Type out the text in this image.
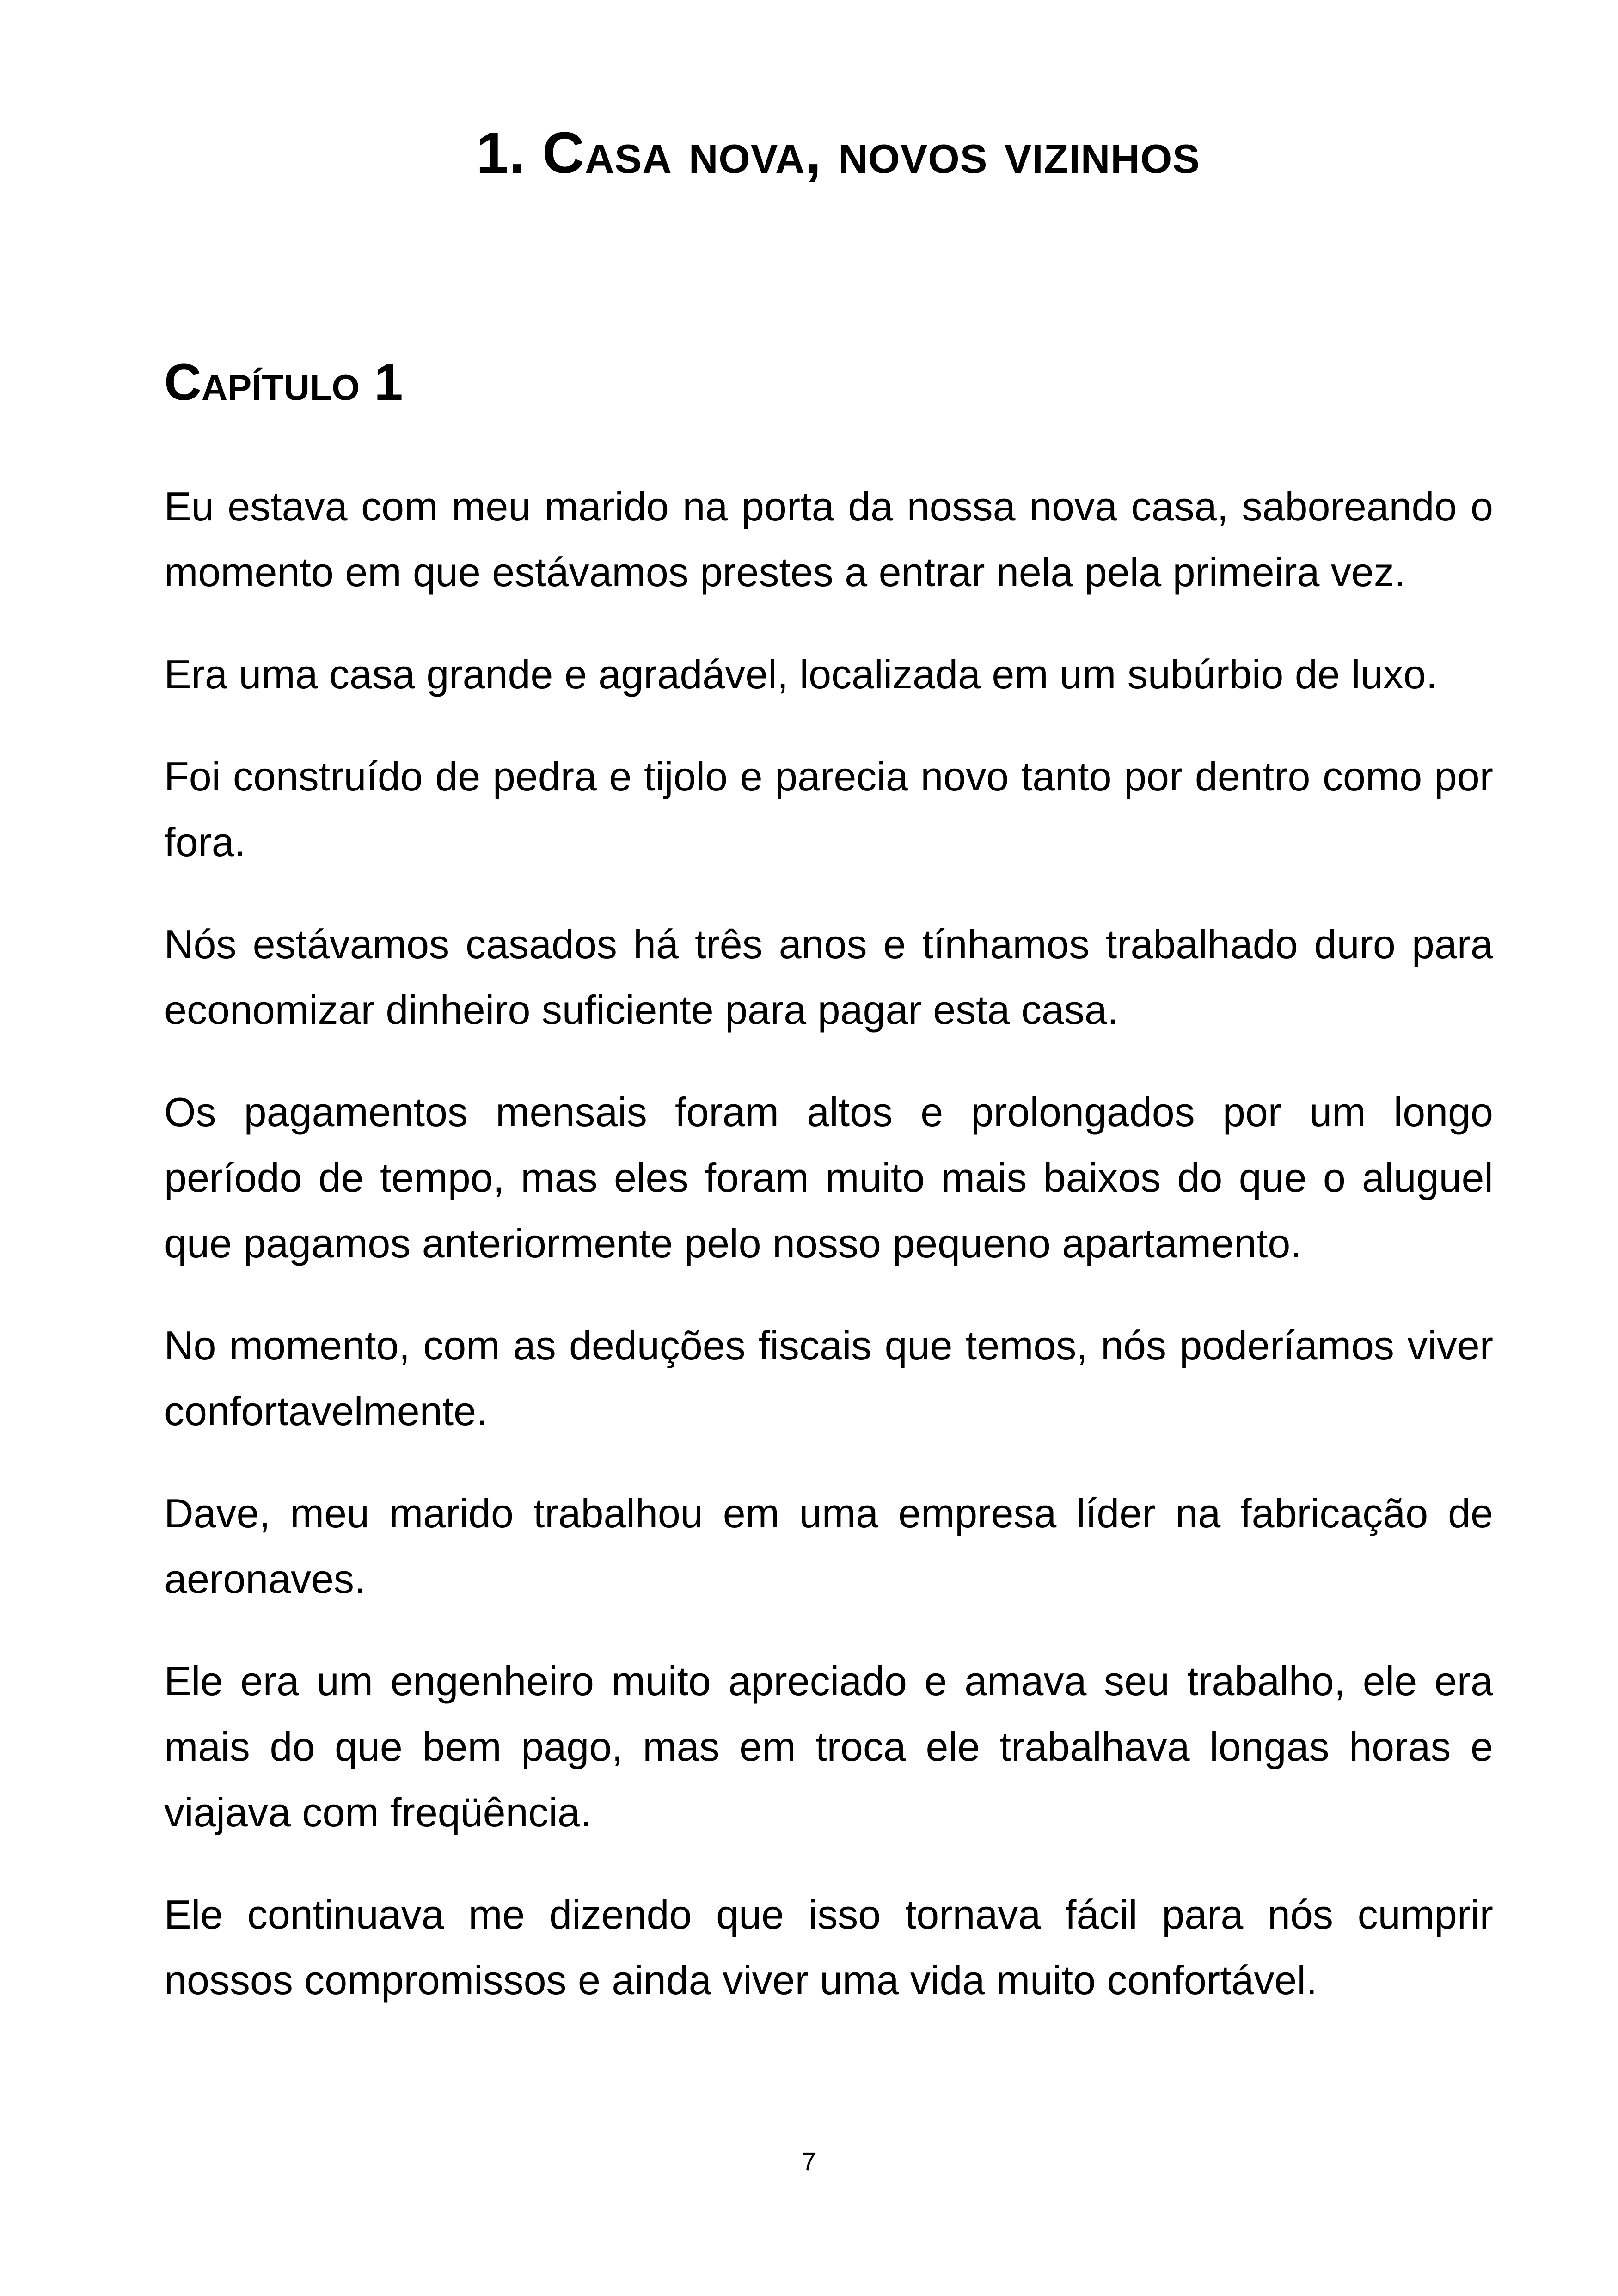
1. Casa nova, novos vizinhos
Capítulo 1

Eu estava com meu marido na porta da nossa nova casa, saboreando o momento em que estávamos prestes a entrar nela pela primeira vez.

Era uma casa grande e agradável, localizada em um subúrbio de luxo.

Foi construído de pedra e tijolo e parecia novo tanto por dentro como por fora.

Nós estávamos casados há três anos e tínhamos trabalhado duro para economizar dinheiro suficiente para pagar esta casa.

Os pagamentos mensais foram altos e prolongados por um longo período de tempo, mas eles foram muito mais baixos do que o aluguel que pagamos anteriormente pelo nosso pequeno apartamento.

No momento, com as deduções fiscais que temos, nós poderíamos viver confortavelmente.

Dave, meu marido trabalhou em uma empresa líder na fabricação de aeronaves.

Ele era um engenheiro muito apreciado e amava seu trabalho, ele era mais do que bem pago, mas em troca ele trabalhava longas horas e viajava com freqüência.

Ele continuava me dizendo que isso tornava fácil para nós cumprir nossos compromissos e ainda viver uma vida muito confortável.

7
